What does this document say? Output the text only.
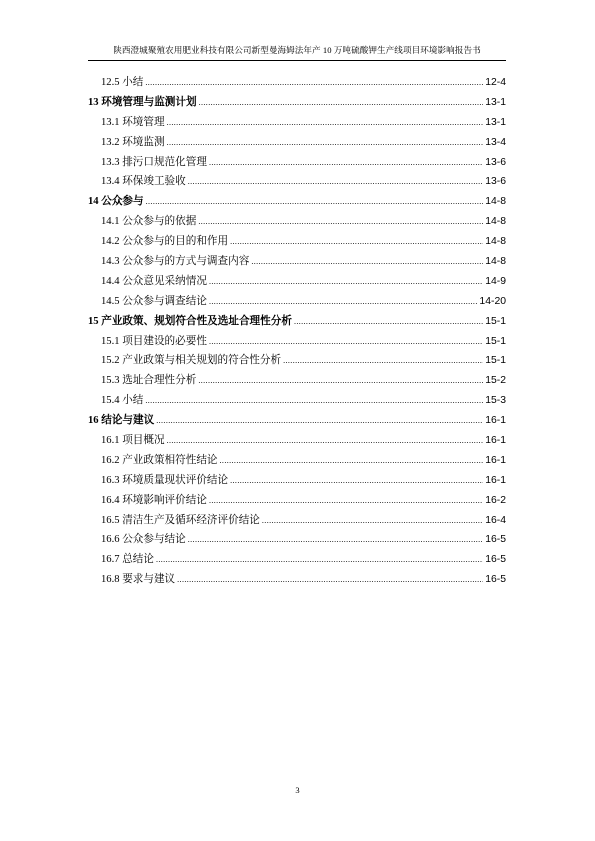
陕西澄城聚殖农用肥业科技有限公司新型曼海姆法年产 10 万吨硫酸钾生产线项目环境影响报告书
12.5 小结 .....	12-4
13 环境管理与监测计划 .....	13-1
13.1 环境管理 .....	13-1
13.2 环境监测 .....	13-4
13.3 排污口规范化管理 .....	13-6
13.4 环保竣工验收 .....	13-6
14 公众参与 .....	14-8
14.1 公众参与的依据 .....	14-8
14.2 公众参与的目的和作用 .....	14-8
14.3 公众参与的方式与调查内容 .....	14-8
14.4 公众意见采纳情况 .....	14-9
14.5 公众参与调查结论 .....	14-20
15 产业政策、规划符合性及选址合理性分析 .....	15-1
15.1 项目建设的必要性 .....	15-1
15.2 产业政策与相关规划的符合性分析 .....	15-1
15.3 选址合理性分析 .....	15-2
15.4 小结 .....	15-3
16 结论与建议 .....	16-1
16.1 项目概况 .....	16-1
16.2 产业政策相符性结论 .....	16-1
16.3 环境质量现状评价结论 .....	16-1
16.4 环境影响评价结论 .....	16-2
16.5 清洁生产及循环经济评价结论 .....	16-4
16.6 公众参与结论 .....	16-5
16.7 总结论 .....	16-5
16.8 要求与建议 .....	16-5
3
